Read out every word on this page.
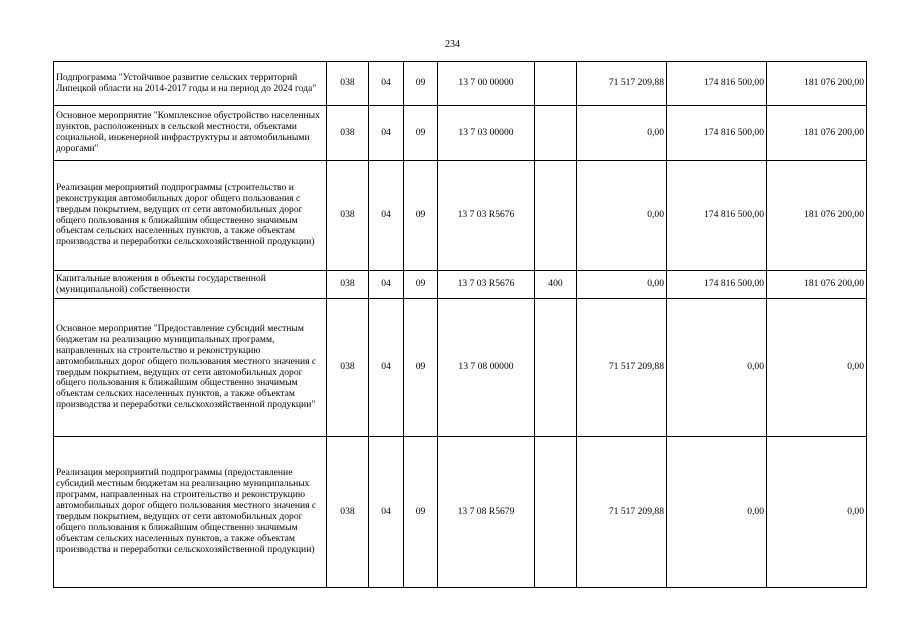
234
Подпрограмма "Устойчивое развитие сельских территорий Липецкой области на 2014-2017 годы и на период до 2024 года"	038	04	09	13 7 00 00000		71 517 209,88	174 816 500,00	181 076 200,00
Основное мероприятие "Комплексное обустройство населенных пунктов, расположенных в сельской местности, объектами социальной, инженерной инфраструктуры и автомобильными дорогами"	038	04	09	13 7 03 00000		0,00	174 816 500,00	181 076 200,00
Реализация мероприятий подпрограммы (строительство и реконструкция автомобильных дорог общего пользования с твердым покрытием, ведущих от сети автомобильных дорог общего пользования к ближайшим общественно значимым объектам сельских населенных пунктов, а также объектам производства и переработки сельскохозяйственной продукции)	038	04	09	13 7 03 R5676		0,00	174 816 500,00	181 076 200,00
Капитальные вложения в объекты государственной (муниципальной) собственности	038	04	09	13 7 03 R5676	400	0,00	174 816 500,00	181 076 200,00
Основное мероприятие "Предоставление субсидий местным бюджетам на реализацию муниципальных программ, направленных на строительство и реконструкцию автомобильных дорог общего пользования местного значения с твердым покрытием, ведущих от сети автомобильных дорог общего пользования к ближайшим общественно значимым объектам сельских населенных пунктов, а также объектам производства и переработки сельскохозяйственной продукции"	038	04	09	13 7 08 00000		71 517 209,88	0,00	0,00
Реализация мероприятий подпрограммы (предоставление субсидий местным бюджетам на реализацию муниципальных программ, направленных на строительство и реконструкцию автомобильных дорог общего пользования местного значения с твердым покрытием, ведущих от сети автомобильных дорог общего пользования к ближайшим общественно значимым объектам сельских населенных пунктов, а также объектам производства и переработки сельскохозяйственной продукции)	038	04	09	13 7 08 R5679		71 517 209,88	0,00	0,00
